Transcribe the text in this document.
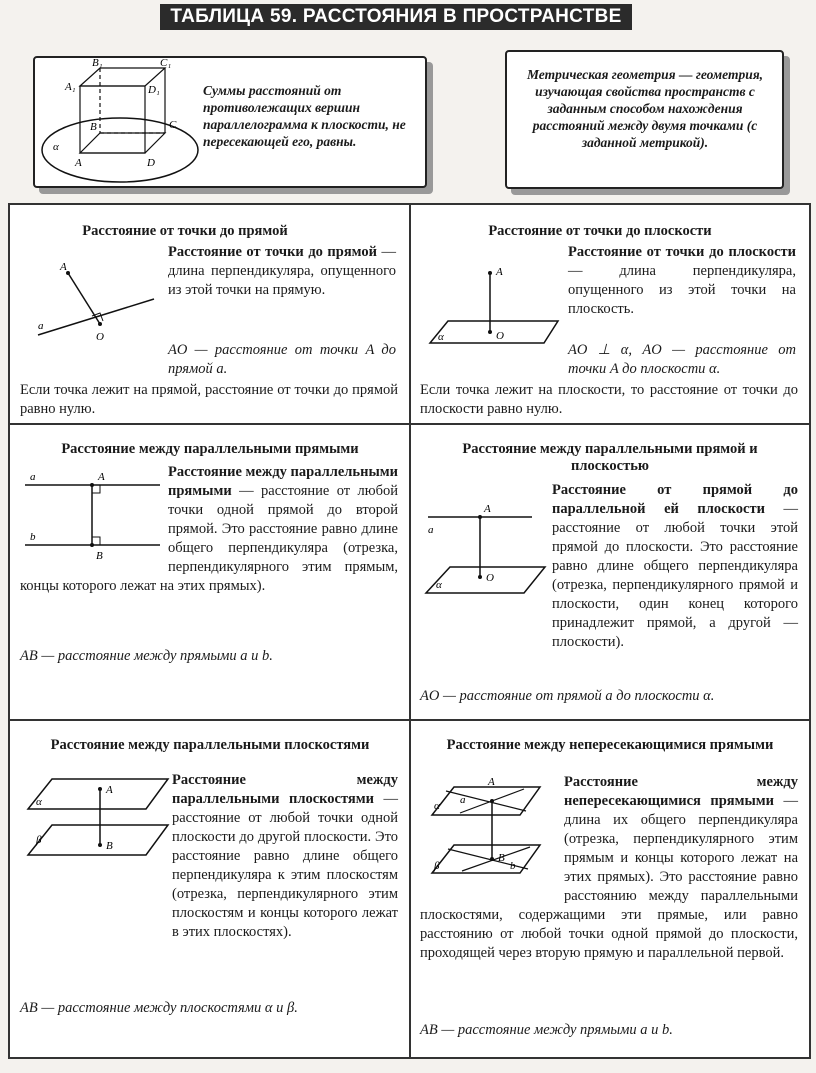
ТАБЛИЦА 59. РАССТОЯНИЯ В ПРОСТРАНСТВЕ
B₁	C₁
A₁	D₁
B	C
A	D
α
Суммы расстояний от противолежащих вершин параллелограмма к плоскости, не пересекающей его, равны.
Метрическая геометрия — геометрия, изучающая свойства пространств с заданным способом нахождения расстояний между двумя точками (с заданной метрикой).
Расстояние от точки до прямой
A
O
a
Расстояние от точки до прямой — длина перпендикуляра, опущенного из этой точки на прямую.
AO — расстояние от точки A до прямой a.
Если точка лежит на прямой, расстояние от точки до прямой равно нулю.
Расстояние от точки до плоскости
A
O
α
Расстояние от точки до плоскости — длина перпендикуляра, опущенного из этой точки на плоскость.
AO ⊥ α, AO — расстояние от точки A до плоскости α.
Если точка лежит на плоскости, то расстояние от точки до плоскости равно нулю.
Расстояние между параллельными прямыми
a
b
A
B
Расстояние между параллельными прямыми — расстояние от любой точки одной прямой до второй прямой. Это расстояние равно длине общего перпендикуляра (отрезка, перпендикулярного этим прямым, концы которого лежат на этих прямых).
AB — расстояние между прямыми a и b.
Расстояние между параллельными прямой и плоскостью
a
A
O
α
Расстояние от прямой до параллельной ей плоскости — расстояние от любой точки этой прямой до плоскости. Это расстояние равно длине общего перпендикуляра (отрезка, перпендикулярного прямой и плоскости, один конец которого принадлежит прямой, а другой — плоскости).
AO — расстояние от прямой a до плоскости α.
Расстояние между параллельными плоскостями
A
B
α
β
Расстояние между параллельными плоскостями — расстояние от любой точки одной плоскости до другой плоскости. Это расстояние равно длине общего перпендикуляра к этим плоскостям (отрезка, перпендикулярного этим плоскостям и концы которого лежат в этих плоскостях).
AB — расстояние между плоскостями α и β.
Расстояние между непересекающимися прямыми
A
B
a
b
α
β
Расстояние между непересекающимися прямыми — длина их общего перпендикуляра (отрезка, перпендикулярного этим прямым и концы которого лежат на этих прямых). Это расстояние равно расстоянию между параллельными плоскостями, содержащими эти прямые, или равно расстоянию от любой точки одной прямой до плоскости, проходящей через вторую прямую и параллельной первой.
AB — расстояние между прямыми a и b.
